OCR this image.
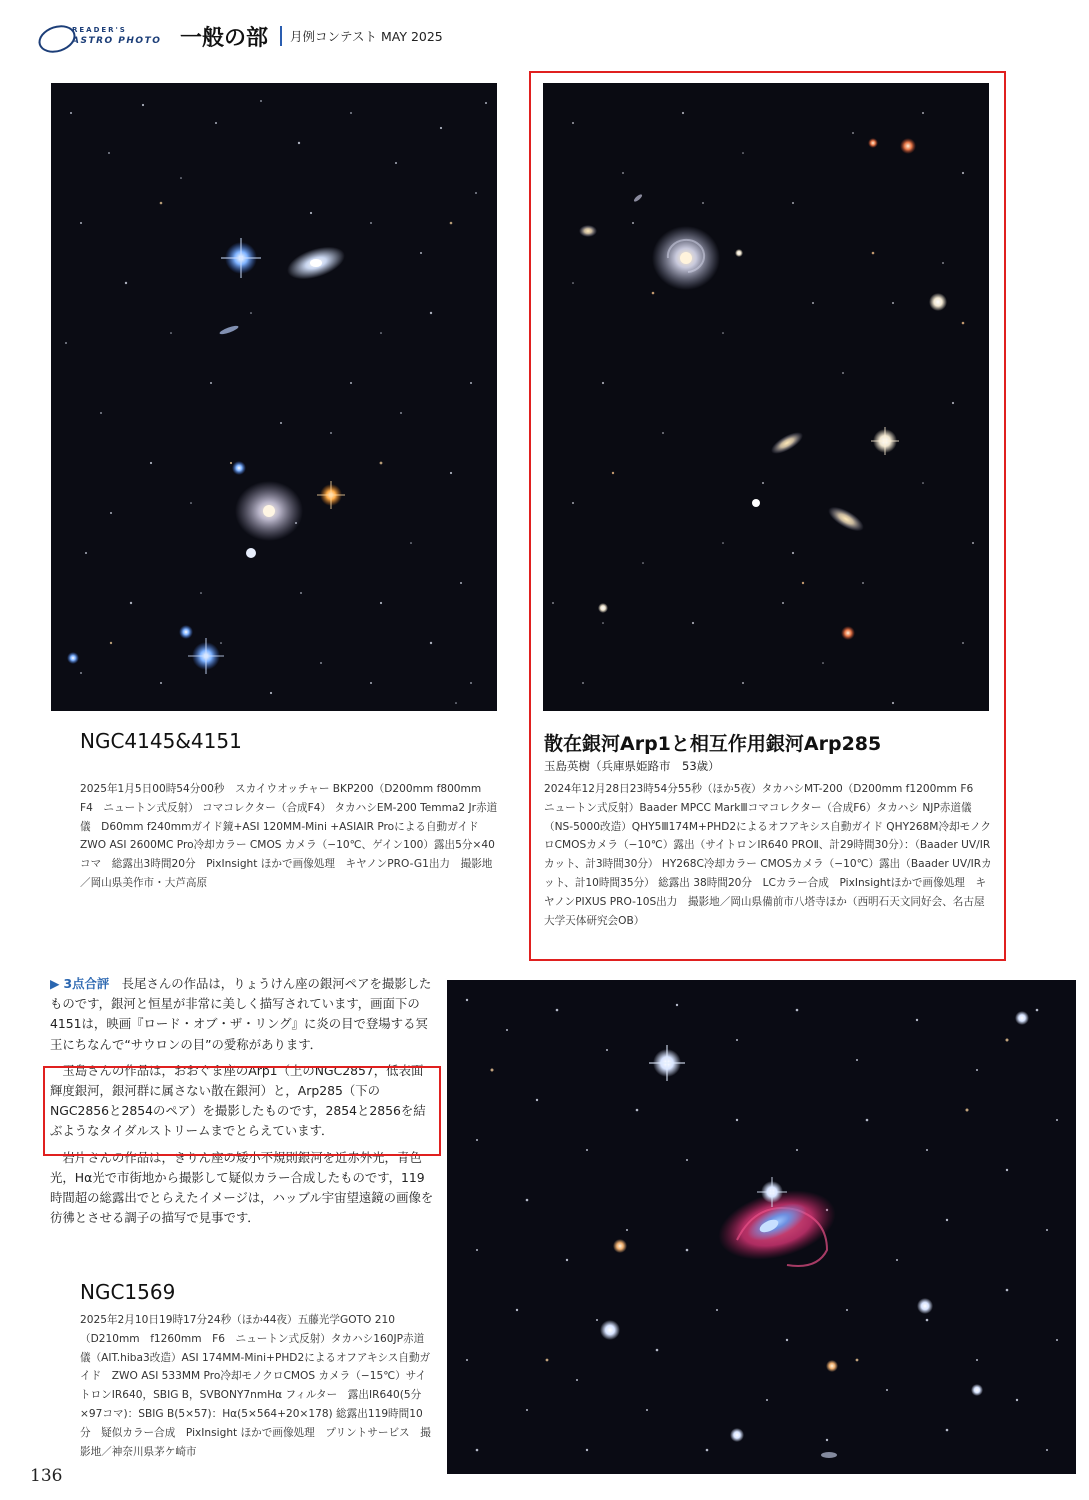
READER'S
ASTRO PHOTO 一般の部 月例コンテスト MAY 2025
NGC4145&4151
2025年1月5日00時54分00秒　スカイウオッチャー BKP200（D200mm f800mm　F4　ニュートン式反射） コマコレクター（合成F4） タカハシEM-200 Temma2 Jr赤道儀　D60mm f240mmガイド鏡+ASI 120MM-Mini +ASIAIR Proによる自動ガイド　ZWO ASI 2600MC Pro冷却カラー CMOS カメラ（−10℃、ゲイン100）露出5分×40コマ　総露出3時間20分　PixInsight ほかで画像処理　キヤノンPRO-G1出力　撮影地／岡山県美作市・大芦高原
散在銀河Arp1と相互作用銀河Arp285
玉島英樹（兵庫県姫路市　53歳）
2024年12月28日23時54分55秒（ほか5夜）タカハシMT-200（D200mm f1200mm F6　ニュートン式反射）Baader MPCC MarkⅢコマコレクター（合成F6）タカハシ NJP赤道儀（NS-5000改造）QHY5Ⅲ174M+PHD2によるオフアキシス自動ガイド QHY268M冷却モノクロCMOSカメラ（−10℃）露出（サイトロンIR640 PROⅡ、計29時間30分）：（Baader UV/IRカット、計3時間30分） HY268C冷却カラー CMOSカメラ（−10℃）露出（Baader UV/IRカット、計10時間35分） 総露出 38時間20分　LCカラー合成　PixInsightほかで画像処理　キヤノンPIXUS PRO-10S出力　撮影地／岡山県備前市八塔寺ほか（西明石天文同好会、名古屋大学天体研究会OB）

▶ 3点合評　 長尾さんの作品は，りょうけん座の銀河ペアを撮影したものです，銀河と恒星が非常に美しく描写されています，画面下の4151は，映画『ロード・オブ・ザ・リング』に炎の目で登場する冥王にちなんで“サウロンの目”の愛称があります．

玉島さんの作品は，おおぐま座のArp1（上のNGC2857，低表面輝度銀河，銀河群に属さない散在銀河）と，Arp285（下のNGC2856と2854のペア）を撮影したものです，2854と2856を結ぶようなタイダルストリームまでとらえています．

岩片さんの作品は，きりん座の矮小不規則銀河を近赤外光，青色光，Hα光で市街地から撮影して疑似カラー合成したものです，119時間超の総露出でとらえたイメージは，ハッブル宇宙望遠鏡の画像を彷彿とさせる調子の描写で見事です．

NGC1569
2025年2月10日19時17分24秒（ほか44夜）五藤光学GOTO 210（D210mm　f1260mm　F6　ニュートン式反射）タカハシ160JP赤道儀（AIT.hiba3改造）ASI 174MM-Mini+PHD2によるオフアキシス自動ガイド　ZWO ASI 533MM Pro冷却モノクロCMOS カメラ（−15℃）サイトロンIR640，SBIG B，SVBONY7nmHα フィルター　露出IR640(5分×97コマ)：SBIG B(5×57)：Hα(5×564+20×178) 総露出119時間10分　疑似カラー合成　PixInsight ほかで画像処理　プリントサービス　撮影地／神奈川県茅ケ崎市
136
